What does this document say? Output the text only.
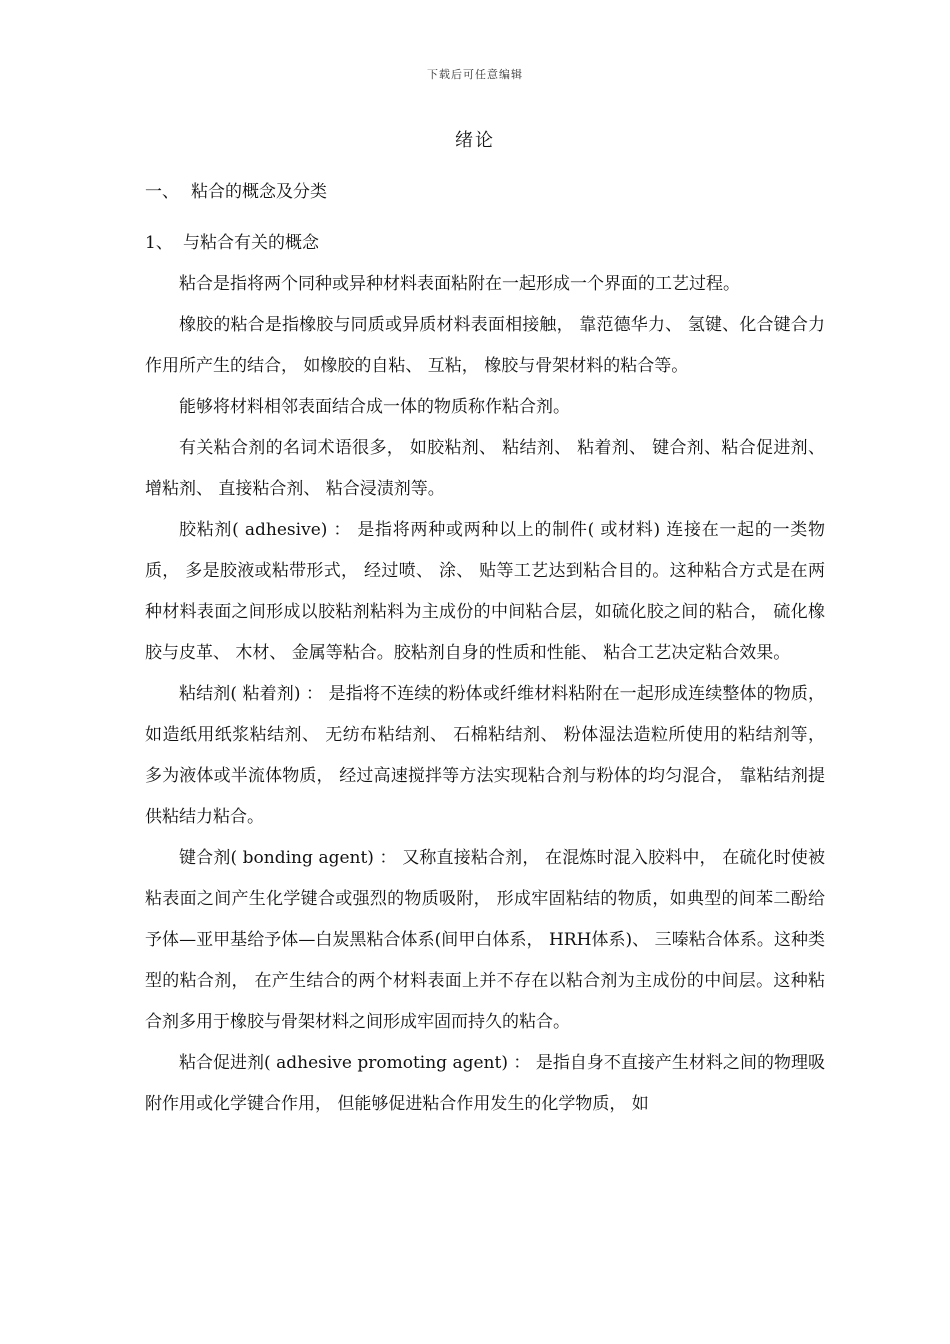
下载后可任意编辑
绪论

一、 粘合的概念及分类

1、 与粘合有关的概念

粘合是指将两个同种或异种材料表面粘附在一起形成一个界面的工艺过程。

橡胶的粘合是指橡胶与同质或异质材料表面相接触， 靠范德华力、 氢键、化合键合力作用所产生的结合， 如橡胶的自粘、 互粘， 橡胶与骨架材料的粘合等。

能够将材料相邻表面结合成一体的物质称作粘合剂。

有关粘合剂的名词术语很多， 如胶粘剂、 粘结剂、 粘着剂、 键合剂、粘合促进剂、 增粘剂、 直接粘合剂、 粘合浸渍剂等。

胶粘剂( adhesive) ： 是指将两种或两种以上的制件( 或材料) 连接在一起的一类物质， 多是胶液或粘带形式， 经过喷、 涂、 贴等工艺达到粘合目的。这种粘合方式是在两种材料表面之间形成以胶粘剂粘料为主成份的中间粘合层，如硫化胶之间的粘合， 硫化橡胶与皮革、 木材、 金属等粘合。胶粘剂自身的性质和性能、 粘合工艺决定粘合效果。

粘结剂( 粘着剂) ： 是指将不连续的粉体或纤维材料粘附在一起形成连续整体的物质， 如造纸用纸浆粘结剂、 无纺布粘结剂、 石棉粘结剂、 粉体湿法造粒所使用的粘结剂等， 多为液体或半流体物质， 经过高速搅拌等方法实现粘合剂与粉体的均匀混合， 靠粘结剂提供粘结力粘合。

键合剂( bonding agent) ： 又称直接粘合剂， 在混炼时混入胶料中， 在硫化时使被粘表面之间产生化学键合或强烈的物质吸附， 形成牢固粘结的物质，如典型的间苯二酚给予体—亚甲基给予体—白炭黑粘合体系(间甲白体系， HRH体系)、 三嗪粘合体系。这种类型的粘合剂， 在产生结合的两个材料表面上并不存在以粘合剂为主成份的中间层。这种粘合剂多用于橡胶与骨架材料之间形成牢固而持久的粘合。

粘合促进剂( adhesive promoting agent) ： 是指自身不直接产生材料之间的物理吸附作用或化学键合作用， 但能够促进粘合作用发生的化学物质， 如
